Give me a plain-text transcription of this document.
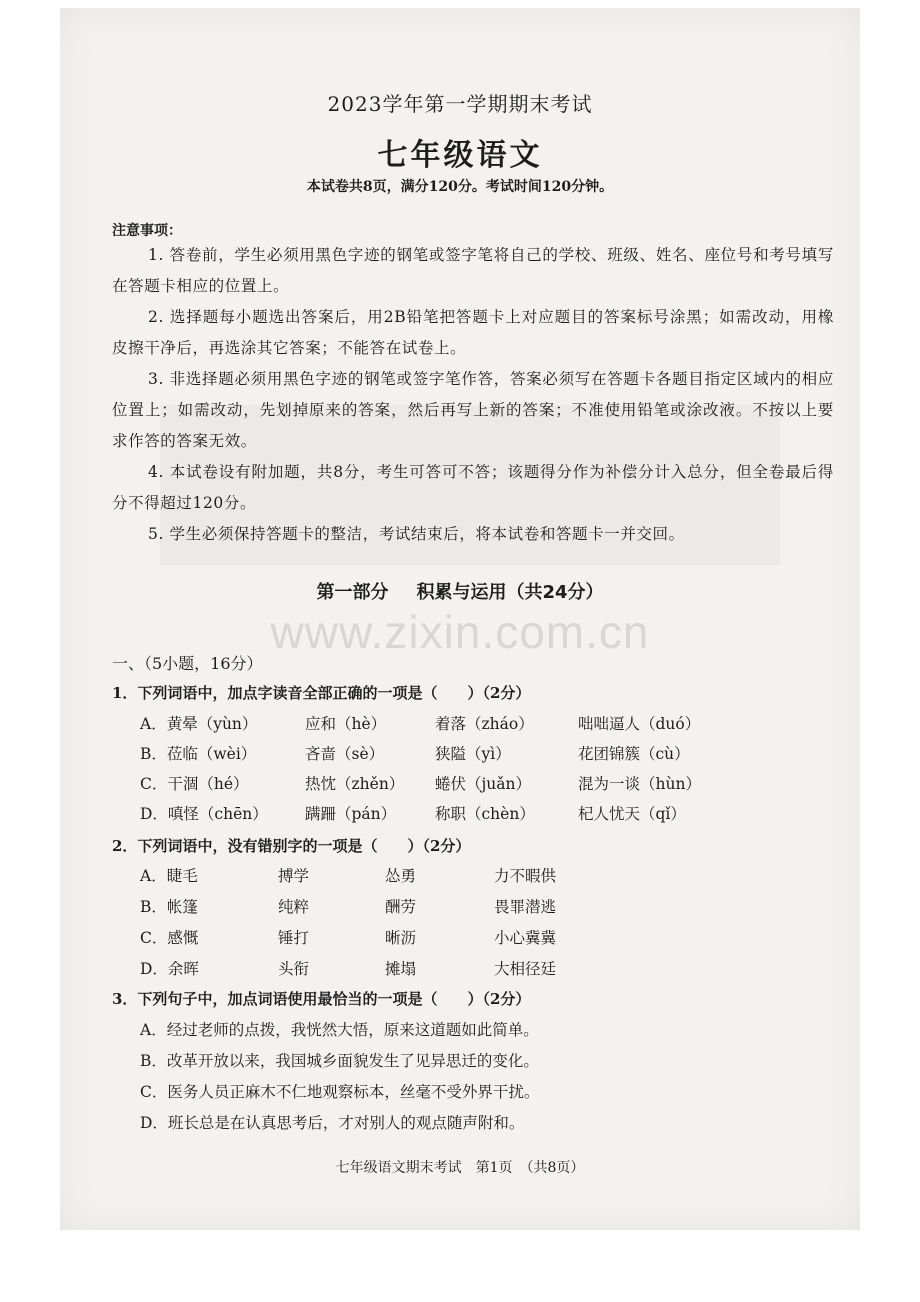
2023学年第一学期期末考试
七年级语文
本试卷共8页，满分120分。考试时间120分钟。
注意事项：

1. 答卷前，学生必须用黑色字迹的钢笔或签字笔将自己的学校、班级、姓名、座位号和考号填写在答题卡相应的位置上。

2. 选择题每小题选出答案后，用2B铅笔把答题卡上对应题目的答案标号涂黑；如需改动，用橡皮擦干净后，再选涂其它答案；不能答在试卷上。

3. 非选择题必须用黑色字迹的钢笔或签字笔作答，答案必须写在答题卡各题目指定区域内的相应位置上；如需改动，先划掉原来的答案，然后再写上新的答案；不准使用铅笔或涂改液。不按以上要求作答的答案无效。

4. 本试卷设有附加题，共8分，考生可答可不答；该题得分作为补偿分计入总分，但全卷最后得分不得超过120分。

5. 学生必须保持答题卡的整洁，考试结束后，将本试卷和答题卡一并交回。

第一部分 积累与运用（共24分）
www.zixin.com.cn
一、（5小题，16分）
1．下列词语中，加点字读音全部正确的一项是（　　）（2分）
A．黄晕（yùn）	应和（hè）	着落（zháo）	咄咄逼人（duó）
B．莅临（wèi）	吝啬（sè）	狭隘（yì）	花团锦簇（cù）
C．干涸（hé）	热忱（zhěn） 蜷伏（juǎn）	混为一谈（hùn）
D．嗔怪（chēn） 蹒跚（pán）	称职（chèn）	杞人忧天（qǐ）
2．下列词语中，没有错别字的一项是（　　）（2分）
A．睫毛	搏学	怂勇	力不暇供
B．帐篷	纯粹	酬劳	畏罪潜逃
C．感慨	锤打	晰沥	小心冀冀
D．余晖	头衔	摊塌	大相径廷
3．下列句子中，加点词语使用最恰当的一项是（　　）（2分）
A．经过老师的点拨，我恍然大悟，原来这道题如此简单。
B．改革开放以来，我国城乡面貌发生了见异思迁的变化。
C．医务人员正麻木不仁地观察标本，丝毫不受外界干扰。
D．班长总是在认真思考后，才对别人的观点随声附和。
七年级语文期末考试　第1页　（共8页）
